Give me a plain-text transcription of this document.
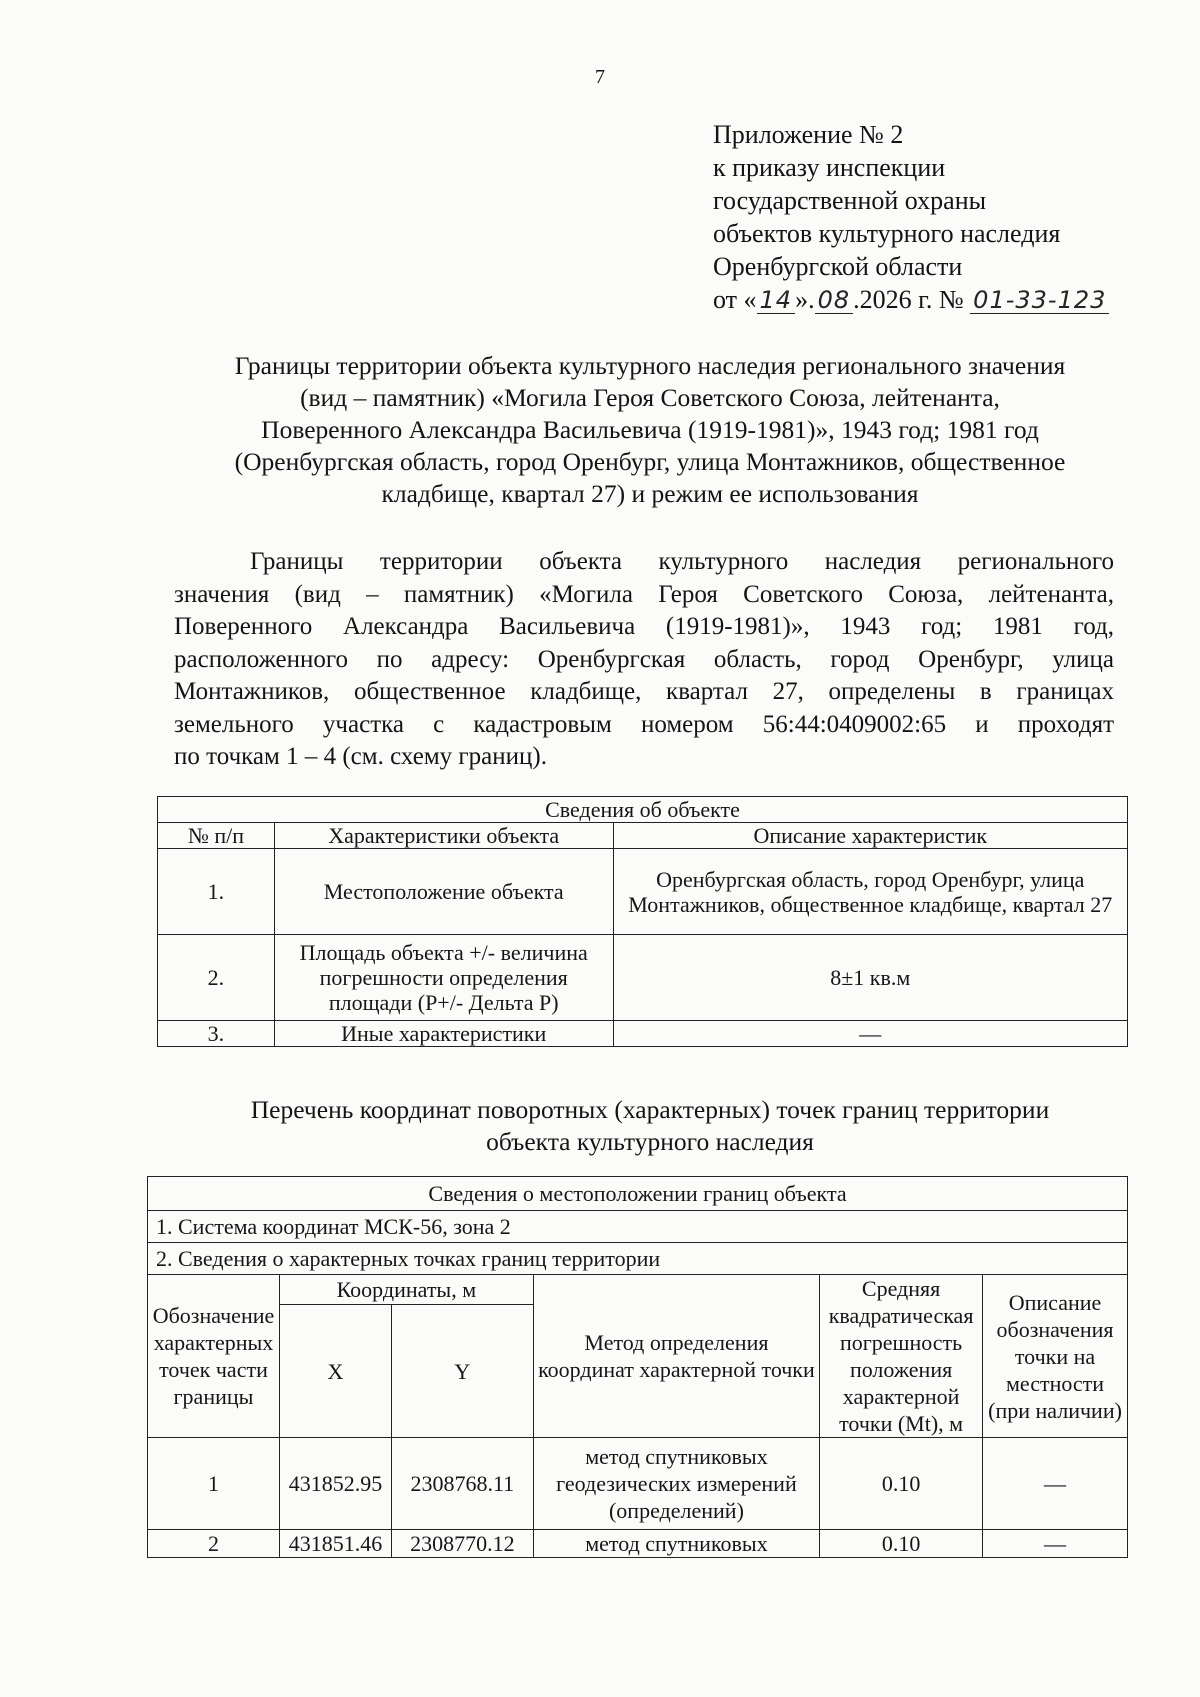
7
Приложение № 2
к приказу инспекции
государственной охраны
объектов культурного наследия
Оренбургской области
от « 14 ». 08 .2026 г. № 01-33-123
Границы территории объекта культурного наследия регионального значения
(вид – памятник) «Могила Героя Советского Союза, лейтенанта,
Поверенного Александра Васильевича (1919-1981)», 1943 год; 1981 год
(Оренбургская область, город Оренбург, улица Монтажников, общественное
кладбище, квартал 27) и режим ее использования
Границы территории объекта культурного наследия регионального
значения (вид – памятник) «Могила Героя Советского Союза, лейтенанта,
Поверенного Александра Васильевича (1919-1981)», 1943 год; 1981 год,
расположенного по адресу: Оренбургская область, город Оренбург, улица
Монтажников, общественное кладбище, квартал 27, определены в границах
земельного участка с кадастровым номером 56:44:0409002:65 и проходят
по точкам 1 – 4 (см. схему границ).
Сведения об объекте		
№ п/п	Характеристики объекта	Описание характеристик
1.	Местоположение объекта	Оренбургская область, город Оренбург, улица Монтажников, общественное кладбище, квартал 27
2.	Площадь объекта +/- величина погрешности определения площади (Р+/- Дельта Р)	8±1 кв.м
3.	Иные характеристики	—
Перечень координат поворотных (характерных) точек границ территории
объекта культурного наследия
Сведения о местоположении границ объекта					
1. Система координат МСК-56, зона 2					
2. Сведения о характерных точках границ территории					
Обозначение характерных точек части границы	Координаты, м		Метод определения координат характерной точки	Средняя квадратическая погрешность положения характерной точки (Mt), м	Описание обозначения точки на местности (при наличии)
	X	Y			
1	431852.95	2308768.11	метод спутниковых геодезических измерений (определений)	0.10	—
2	431851.46	2308770.12	метод спутниковых	0.10	—
